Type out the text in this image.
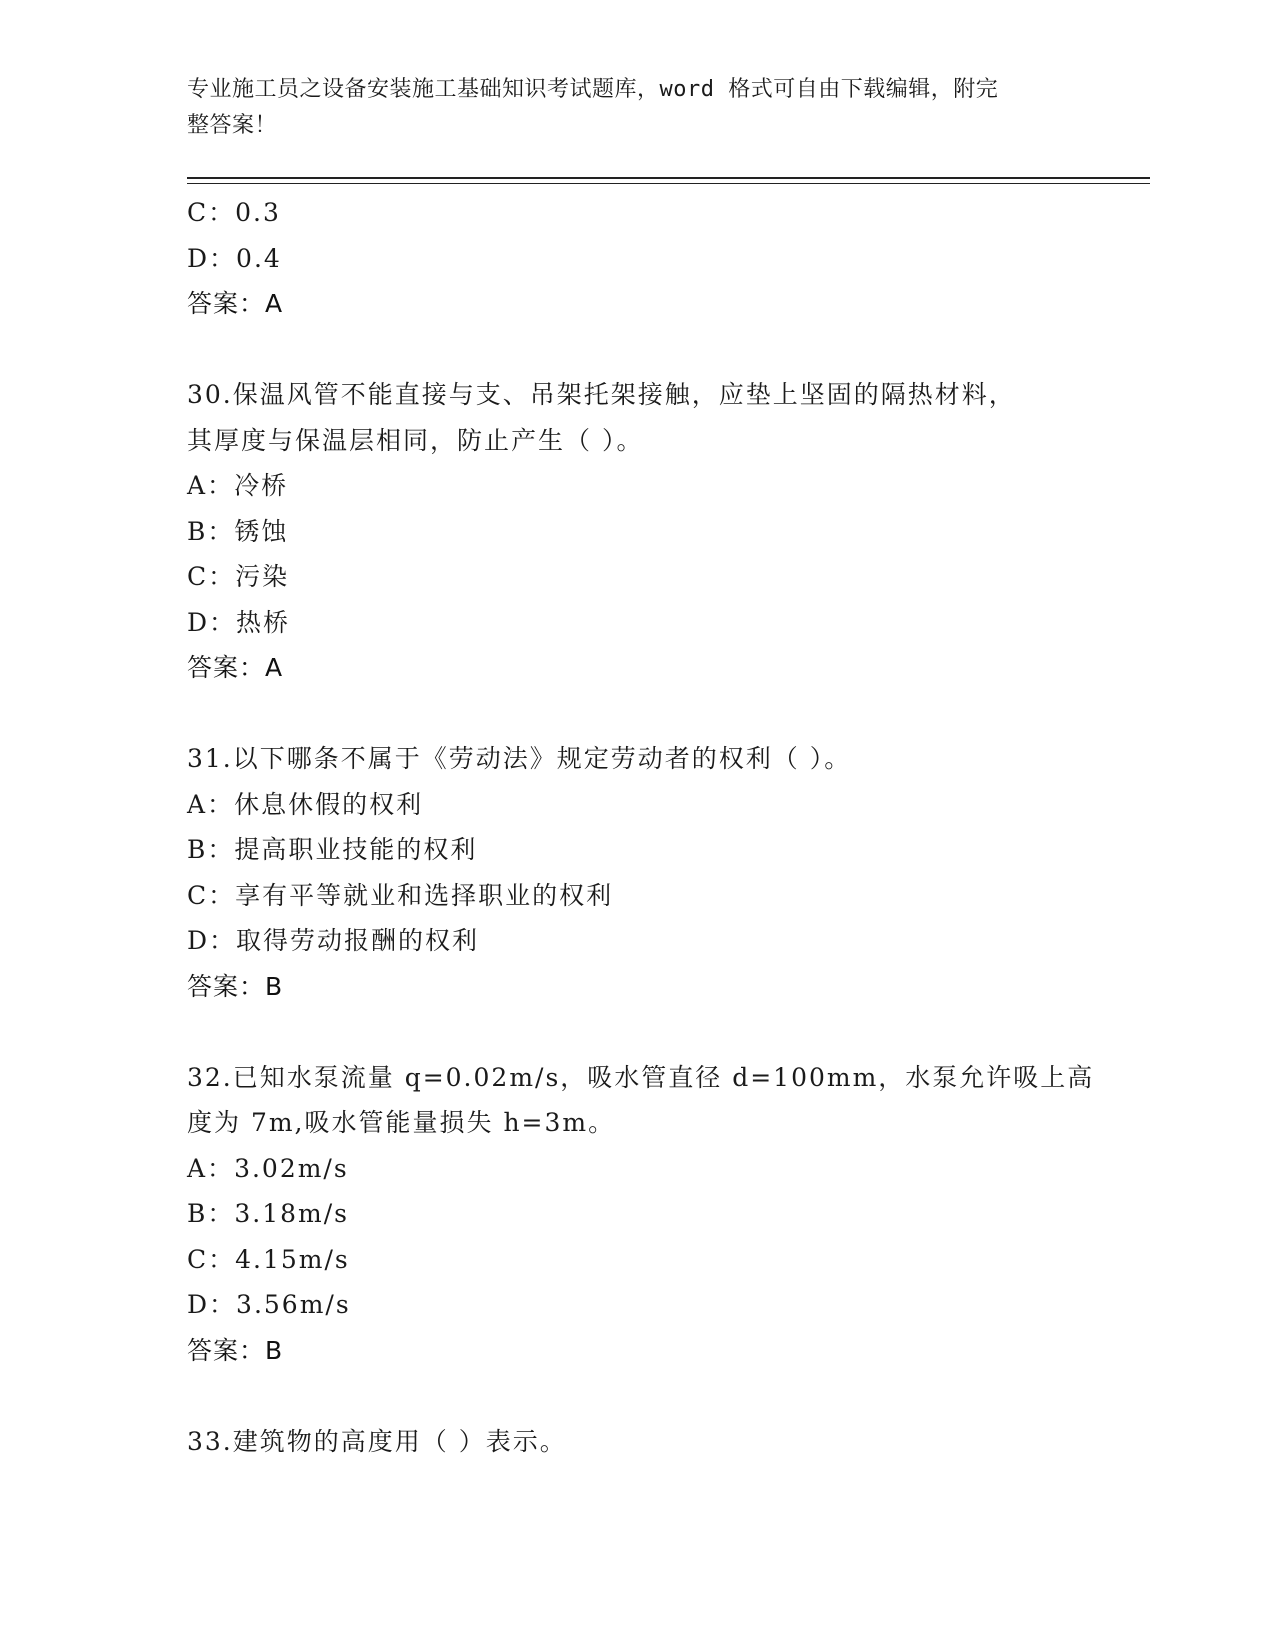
专业施工员之设备安装施工基础知识考试题库，word 格式可自由下载编辑，附完
整答案！
C：0.3
D：0.4
答案：A
30.保温风管不能直接与支、吊架托架接触，应垫上坚固的隔热材料，
其厚度与保温层相同，防止产生（ ）。
A：冷桥
B：锈蚀
C：污染
D：热桥
答案：A
31.以下哪条不属于《劳动法》规定劳动者的权利（ ）。
A：休息休假的权利
B：提高职业技能的权利
C：享有平等就业和选择职业的权利
D：取得劳动报酬的权利
答案：B
32.已知水泵流量 q=0.02m/s，吸水管直径 d=100mm，水泵允许吸上高
度为 7m,吸水管能量损失 h=3m。
A：3.02m/s
B：3.18m/s
C：4.15m/s
D：3.56m/s
答案：B
33.建筑物的高度用（ ）表示。
